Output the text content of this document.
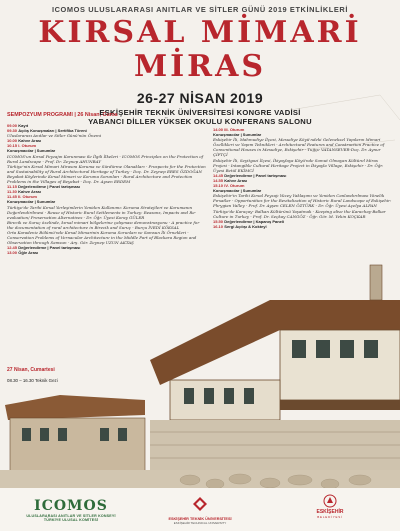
ICOMOS ULUSLARARASI ANITLAR VE SİTLER GÜNÜ 2019 ETKİNLİKLERİ
KIRSAL MİMARİ MİRAS
26-27 NİSAN 2019
ESKİŞEHİR TEKNİK ÜNİVERSİTESİ KONGRE VADİSİ
YABANCI DİLLER YÜKSEK OKULU KONFERANS SALONU
SEMPOZYUM PROGRAMI | 26 Nisan, Cuma

09.00 Kayıt

09.30 Açılış Konuşmaları | Sertifika Töreni

Uluslararası Anıtlar ve Sitler Günü'nün Önemi

10.00 Kahve Arası

10.15 I. Oturum

Konuşmacılar | Sunumlar

ICOMOS'un Kırsal Peyzajın Korunması ile İlgili İlkeleri - ICOMOS Principles on the Protection of Rural Landscape - Prof. Dr. Zeynep AHUNBAY

Türkiye'nin Kırsal Mimari Mirasını Koruma ve Sürdürme Olanakları - Prospects for the Protection and Sustainability of Rural Architectural Heritage of Turkey - Doç. Dr. Zeynep ERES ÖZDOĞAN

Beyabat Köylerinde Kırsal Mimari ve Koruma Sorunları - Rural Architecture and Protection Problems in the Villages of Beyabat - Doç. Dr. Aysen ERDEM

11.15 Değerlendirme | Panel tartışması

11.30 Kahve Arası

11.45 II. Oturum

Konuşmacılar | Sunumlar

Türkiye'de Tarihi Kırsal Yerleşimlerin Yeniden Kullanımı: Koruma Stratejileri ve Korumanın Değerlendirilmesi - Reuse of Historic Rural Settlements in Turkey: Reasons, Impacts and Re-evaluation/ Preservation Alternatives - Dr. Öğr. Üyesi Koray GÜLER

Birecik ve Suruç özelinde, kırsal mimari bölgelerine çalışması demonstrasyonu - A practice for the documentation of rural architecture in Birecik and Suruç - Burçu İVEDİ KÖKSAL

Orta Karadeniz Bölümü'nde Kırsal Mimarinin Koruma Sorunları ve Samsun İli Örnekleri - Conservation Problems of Vernacular Architecture in the Middle Part of Blackara Region and Observation through Samsun - Arş. Gör. Zeynep UZUN AKTAŞ

12.45 Değerlendirme | Panel tartışması

13.00 Öğle Arası

14.00 III. Oturum

Konuşmacılar | Sunumlar

Eskişehir İli, Mahmudiye İlçesi, Mesudiye Köyü'ndeki Geleneksel Yapıların Mimari Özellikleri ve Yapım Teknikleri - Architectural Features and Construction Practice of Conventional Houses in Mesudiye, Eskişehir - Tuğçe VATANSEVER-Doç. Dr. Aynur ÇİFTÇİ

Eskişehir İli, Seyitgazi İlçesi, İkiyaylaya Köyü'nde Somut Olmayan Kültürel Miras Projesi - Intangible Cultural Heritage Project in İkiyayla Village, Eskişehir - Dr. Öğr. Üyesi Betül EKİMCİ

14.45 Değerlendirme | Panel tartışması

14.55 Kahve Arası

15.10 IV. Oturum

Konuşmacılar | Sunumlar

Eskişehir'in Tarihi Kırsal Peyzajı Yüzey Yaklaşımı ve Yeniden Canlandırılması Yönelik Fırsatlar - Opportunities for the Revitalization of Historic Rural Landscape of Eskişehir: Phrygian Valley - Prof. Dr. Ayşen CELEN ÖZTÜRK - Dr. Öğr. Üyesi Açelya ALPAN

Türkiye'de Karaçay- Balkan Kültürünü Yaşatmak - Keeping alive the Karachay-Balkar Culture in Turkey - Prof. Dr. Seçkay CANGÖZ - Öğr. Gör. M. Yekin KOÇKAR

15.50 Değerlendirme | Kapanış Paneli

16.10 Sergi Açılışı & Kokteyl

27 Nisan, Cumartesi
08.30 – 16.30 Teknik Gezi
ICOMOS
ULUSLARARASI ANITLAR VE SİTLER KONSEYİ
TÜRKİYE ULUSAL KOMİTESİ	ESKİŞEHİR TEKNİK ÜNİVERSİTESİ
ESKİŞEHİR TECHNICAL UNIVERSITY
ESKİŞEHİR
BELEDİYESİ
